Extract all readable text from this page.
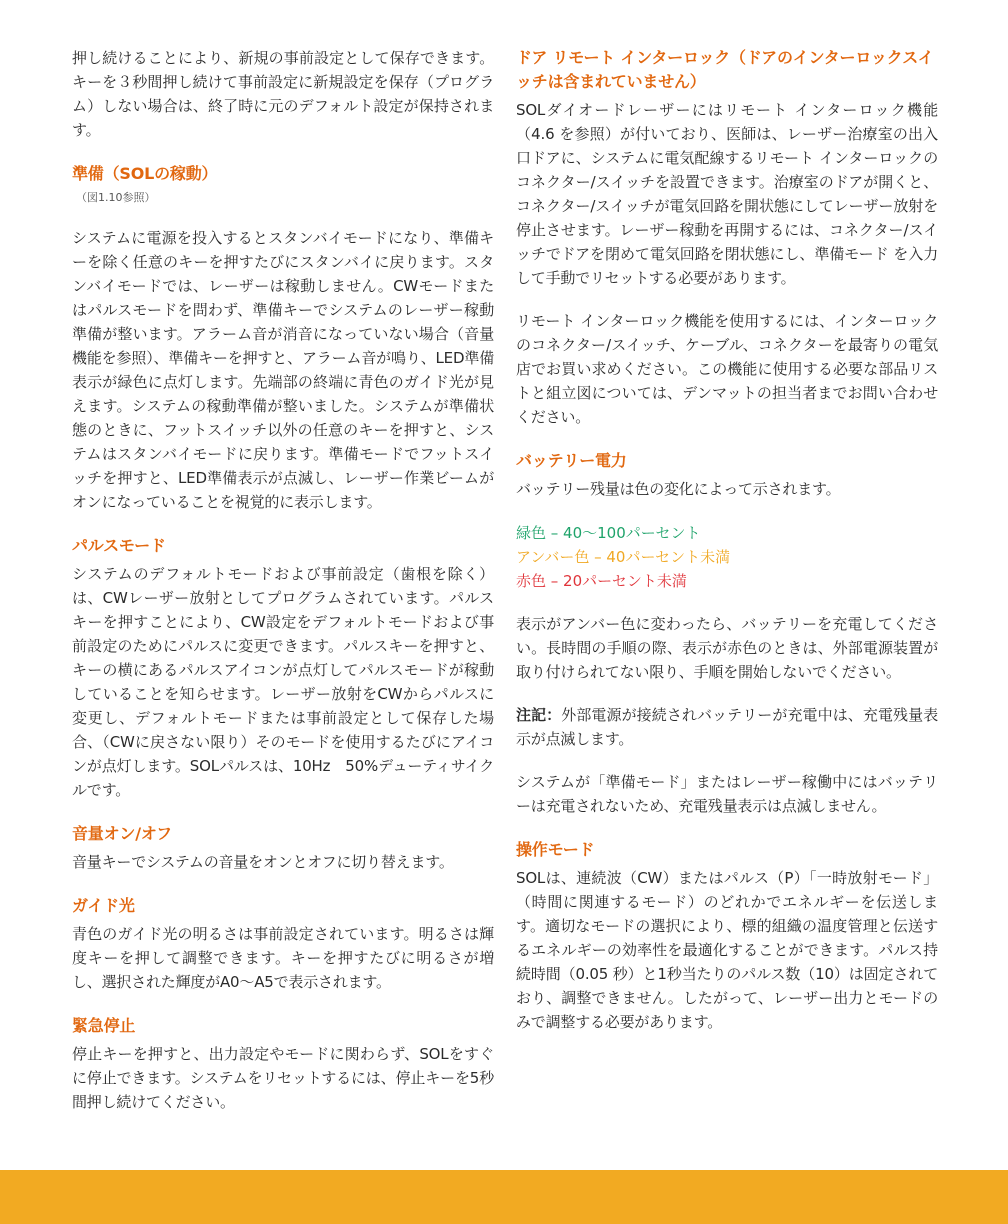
押し続けることにより、新規の事前設定として保存できます。キーを３秒間押し続けて事前設定に新規設定を保存（プログラム）しない場合は、終了時に元のデフォルト設定が保持されます。

準備（SOLの稼動）
（図1.10参照）

システムに電源を投入するとスタンバイモードになり、準備キーを除く任意のキーを押すたびにスタンバイに戻ります。スタンバイモードでは、レーザーは稼動しません。CWモードまたはパルスモードを問わず、準備キーでシステムのレーザー稼動準備が整います。アラーム音が消音になっていない場合（音量機能を参照）、準備キーを押すと、アラーム音が鳴り、LED準備表示が緑色に点灯します。先端部の終端に青色のガイド光が見えます。システムの稼動準備が整いました。システムが準備状態のときに、フットスイッチ以外の任意のキーを押すと、システムはスタンバイモードに戻ります。準備モードでフットスイッチを押すと、LED準備表示が点滅し、レーザー作業ビームがオンになっていることを視覚的に表示します。

パルスモード

システムのデフォルトモードおよび事前設定（歯根を除く）は、CWレーザー放射としてプログラムされています。パルスキーを押すことにより、CW設定をデフォルトモードおよび事前設定のためにパルスに変更できます。パルスキーを押すと、キーの横にあるパルスアイコンが点灯してパルスモードが稼動していることを知らせます。レーザー放射をCWからパルスに変更し、デフォルトモードまたは事前設定として保存した場合、（CWに戻さない限り）そのモードを使用するたびにアイコンが点灯します。SOLパルスは、10Hz　50%デューティサイクルです。

音量オン/オフ

音量キーでシステムの音量をオンとオフに切り替えます。

ガイド光

青色のガイド光の明るさは事前設定されています。明るさは輝度キーを押して調整できます。キーを押すたびに明るさが増し、選択された輝度がA0～A5で表示されます。

緊急停止

停止キーを押すと、出力設定やモードに関わらず、SOLをすぐに停止できます。システムをリセットするには、停止キーを5秒間押し続けてください。

ドア リモート インターロック（ドアのインターロックスイッチは含まれていません）

SOLダイオードレーザーにはリモート インターロック機能（4.6 を参照）が付いており、医師は、レーザー治療室の出入口ドアに、システムに電気配線するリモート インターロックのコネクター/スイッチを設置できます。治療室のドアが開くと、コネクター/スイッチが電気回路を開状態にしてレーザー放射を停止させます。レーザー稼動を再開するには、コネクター/スイッチでドアを閉めて電気回路を閉状態にし、準備モード を入力して手動でリセットする必要があります。

リモート インターロック機能を使用するには、インターロックのコネクター/スイッチ、ケーブル、コネクターを最寄りの電気店でお買い求めください。この機能に使用する必要な部品リストと組立図については、デンマットの担当者までお問い合わせください。

バッテリー電力

バッテリー残量は色の変化によって示されます。

緑色 – 40～100パーセント
アンバー色 – 40パーセント未満
赤色 – 20パーセント未満

表示がアンバー色に変わったら、バッテリーを充電してください。長時間の手順の際、表示が赤色のときは、外部電源装置が取り付けられてない限り、手順を開始しないでください。

注記：外部電源が接続されバッテリーが充電中は、充電残量表示が点滅します。

システムが「準備モード」またはレーザー稼働中にはバッテリーは充電されないため、充電残量表示は点滅しません。

操作モード

SOLは、連続波（CW）またはパルス（P）「一時放射モード」（時間に関連するモード）のどれかでエネルギーを伝送します。適切なモードの選択により、標的組織の温度管理と伝送するエネルギーの効率性を最適化することができます。パルス持続時間（0.05 秒）と1秒当たりのパルス数（10）は固定されており、調整できません。したがって、レーザー出力とモードのみで調整する必要があります。
